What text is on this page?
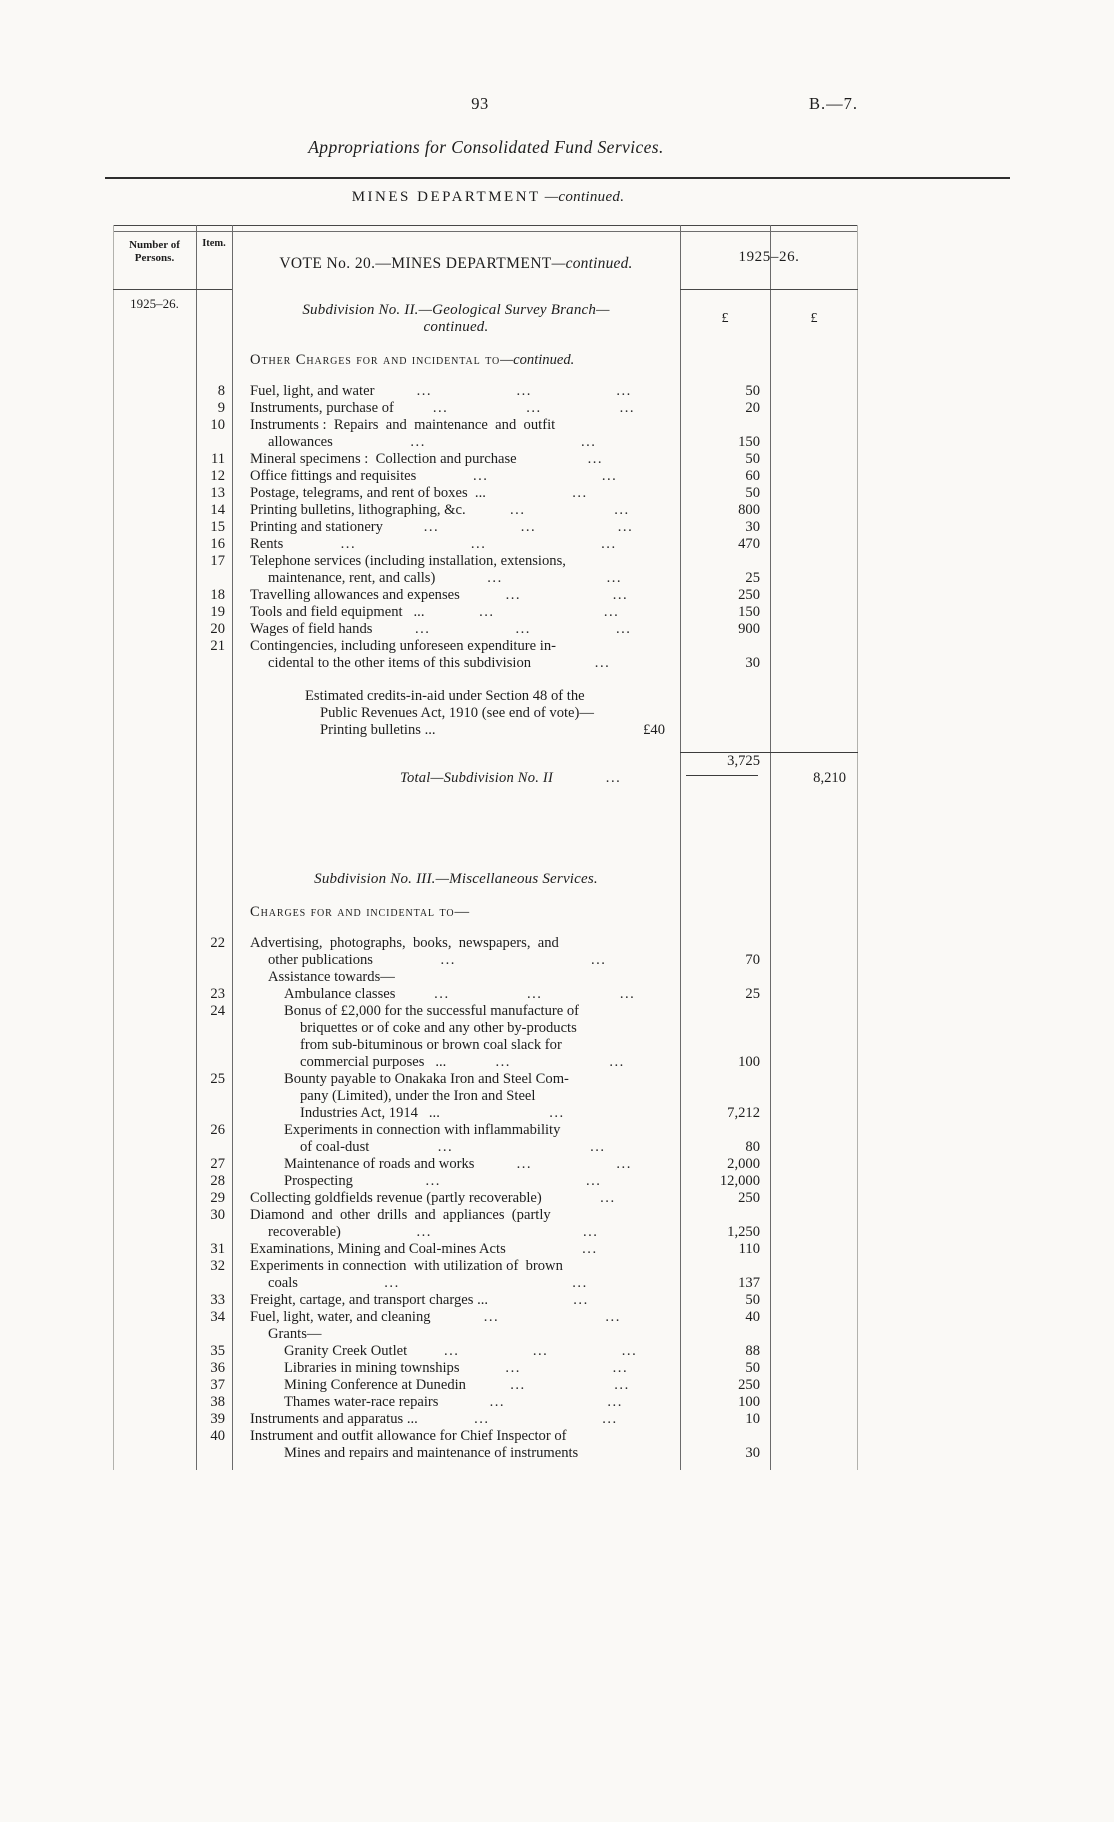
93	B.—7.
Appropriations for Consolidated Fund Services.
MINES DEPARTMENT —continued.
Number of Persons.
Item.
VOTE No. 20.—MINES DEPARTMENT—continued.	1925–26.
1925–26.
£	£
Subdivision No. II.—Geological Survey Branch—
continued.
Other Charges for and incidental to—continued.
8	Fuel, light, and water	...	...	...	50
9	Instruments, purchase of	...	...	...	20
10	Instruments :  Repairs  and  maintenance  and  outfit
allowances	...	...	150
11	Mineral specimens :  Collection and purchase	...	50
12	Office fittings and requisites	...	...	60
13	Postage, telegrams, and rent of boxes  ...	...	50
14	Printing bulletins, lithographing, &c.	...	...	800
15	Printing and stationery	...	...	...	30
16	Rents	...	...	...	470
17	Telephone services (including installation, extensions,
maintenance, rent, and calls)	...	...	25
18	Travelling allowances and expenses	...	...	250
19	Tools and field equipment   ...	...	...	150
20	Wages of field hands	...	...	...	900
21	Contingencies, including unforeseen expenditure in-
cidental to the other items of this subdivision	...	30
Estimated credits-in-aid under Section 48 of the
Public Revenues Act, 1910 (see end of vote)—
Printing bulletins ...	£40
3,725
Total—Subdivision No. II	...	8,210
Subdivision No. III.—Miscellaneous Services.
Charges for and incidental to—
22	Advertising,  photographs,  books,  newspapers,  and
other publications	...	...	70
Assistance towards—
23	Ambulance classes	...	...	...	25
24	Bonus of £2,000 for the successful manufacture of
briquettes or of coke and any other by-products
from sub-bituminous or brown coal slack for
commercial purposes   ...	...	...	100
25	Bounty payable to Onakaka Iron and Steel Com-
pany (Limited), under the Iron and Steel
Industries Act, 1914   ...	...	7,212
26	Experiments in connection with inflammability
of coal-dust	...	...	80
27	Maintenance of roads and works	...	...	2,000
28	Prospecting	...	...	12,000
29	Collecting goldfields revenue (partly recoverable)	...	250
30	Diamond  and  other  drills  and  appliances  (partly
recoverable)	...	...	1,250
31	Examinations, Mining and Coal-mines Acts	...	110
32	Experiments in connection  with utilization of  brown
coals	...	...	137
33	Freight, cartage, and transport charges ...	...	50
34	Fuel, light, water, and cleaning	...	...	40
Grants—
35	Granity Creek Outlet	...	...	...	88
36	Libraries in mining townships	...	...	50
37	Mining Conference at Dunedin	...	...	250
38	Thames water-race repairs	...	...	100
39	Instruments and apparatus ...	...	...	10
40	Instrument and outfit allowance for Chief Inspector of
Mines and repairs and maintenance of instruments	30
